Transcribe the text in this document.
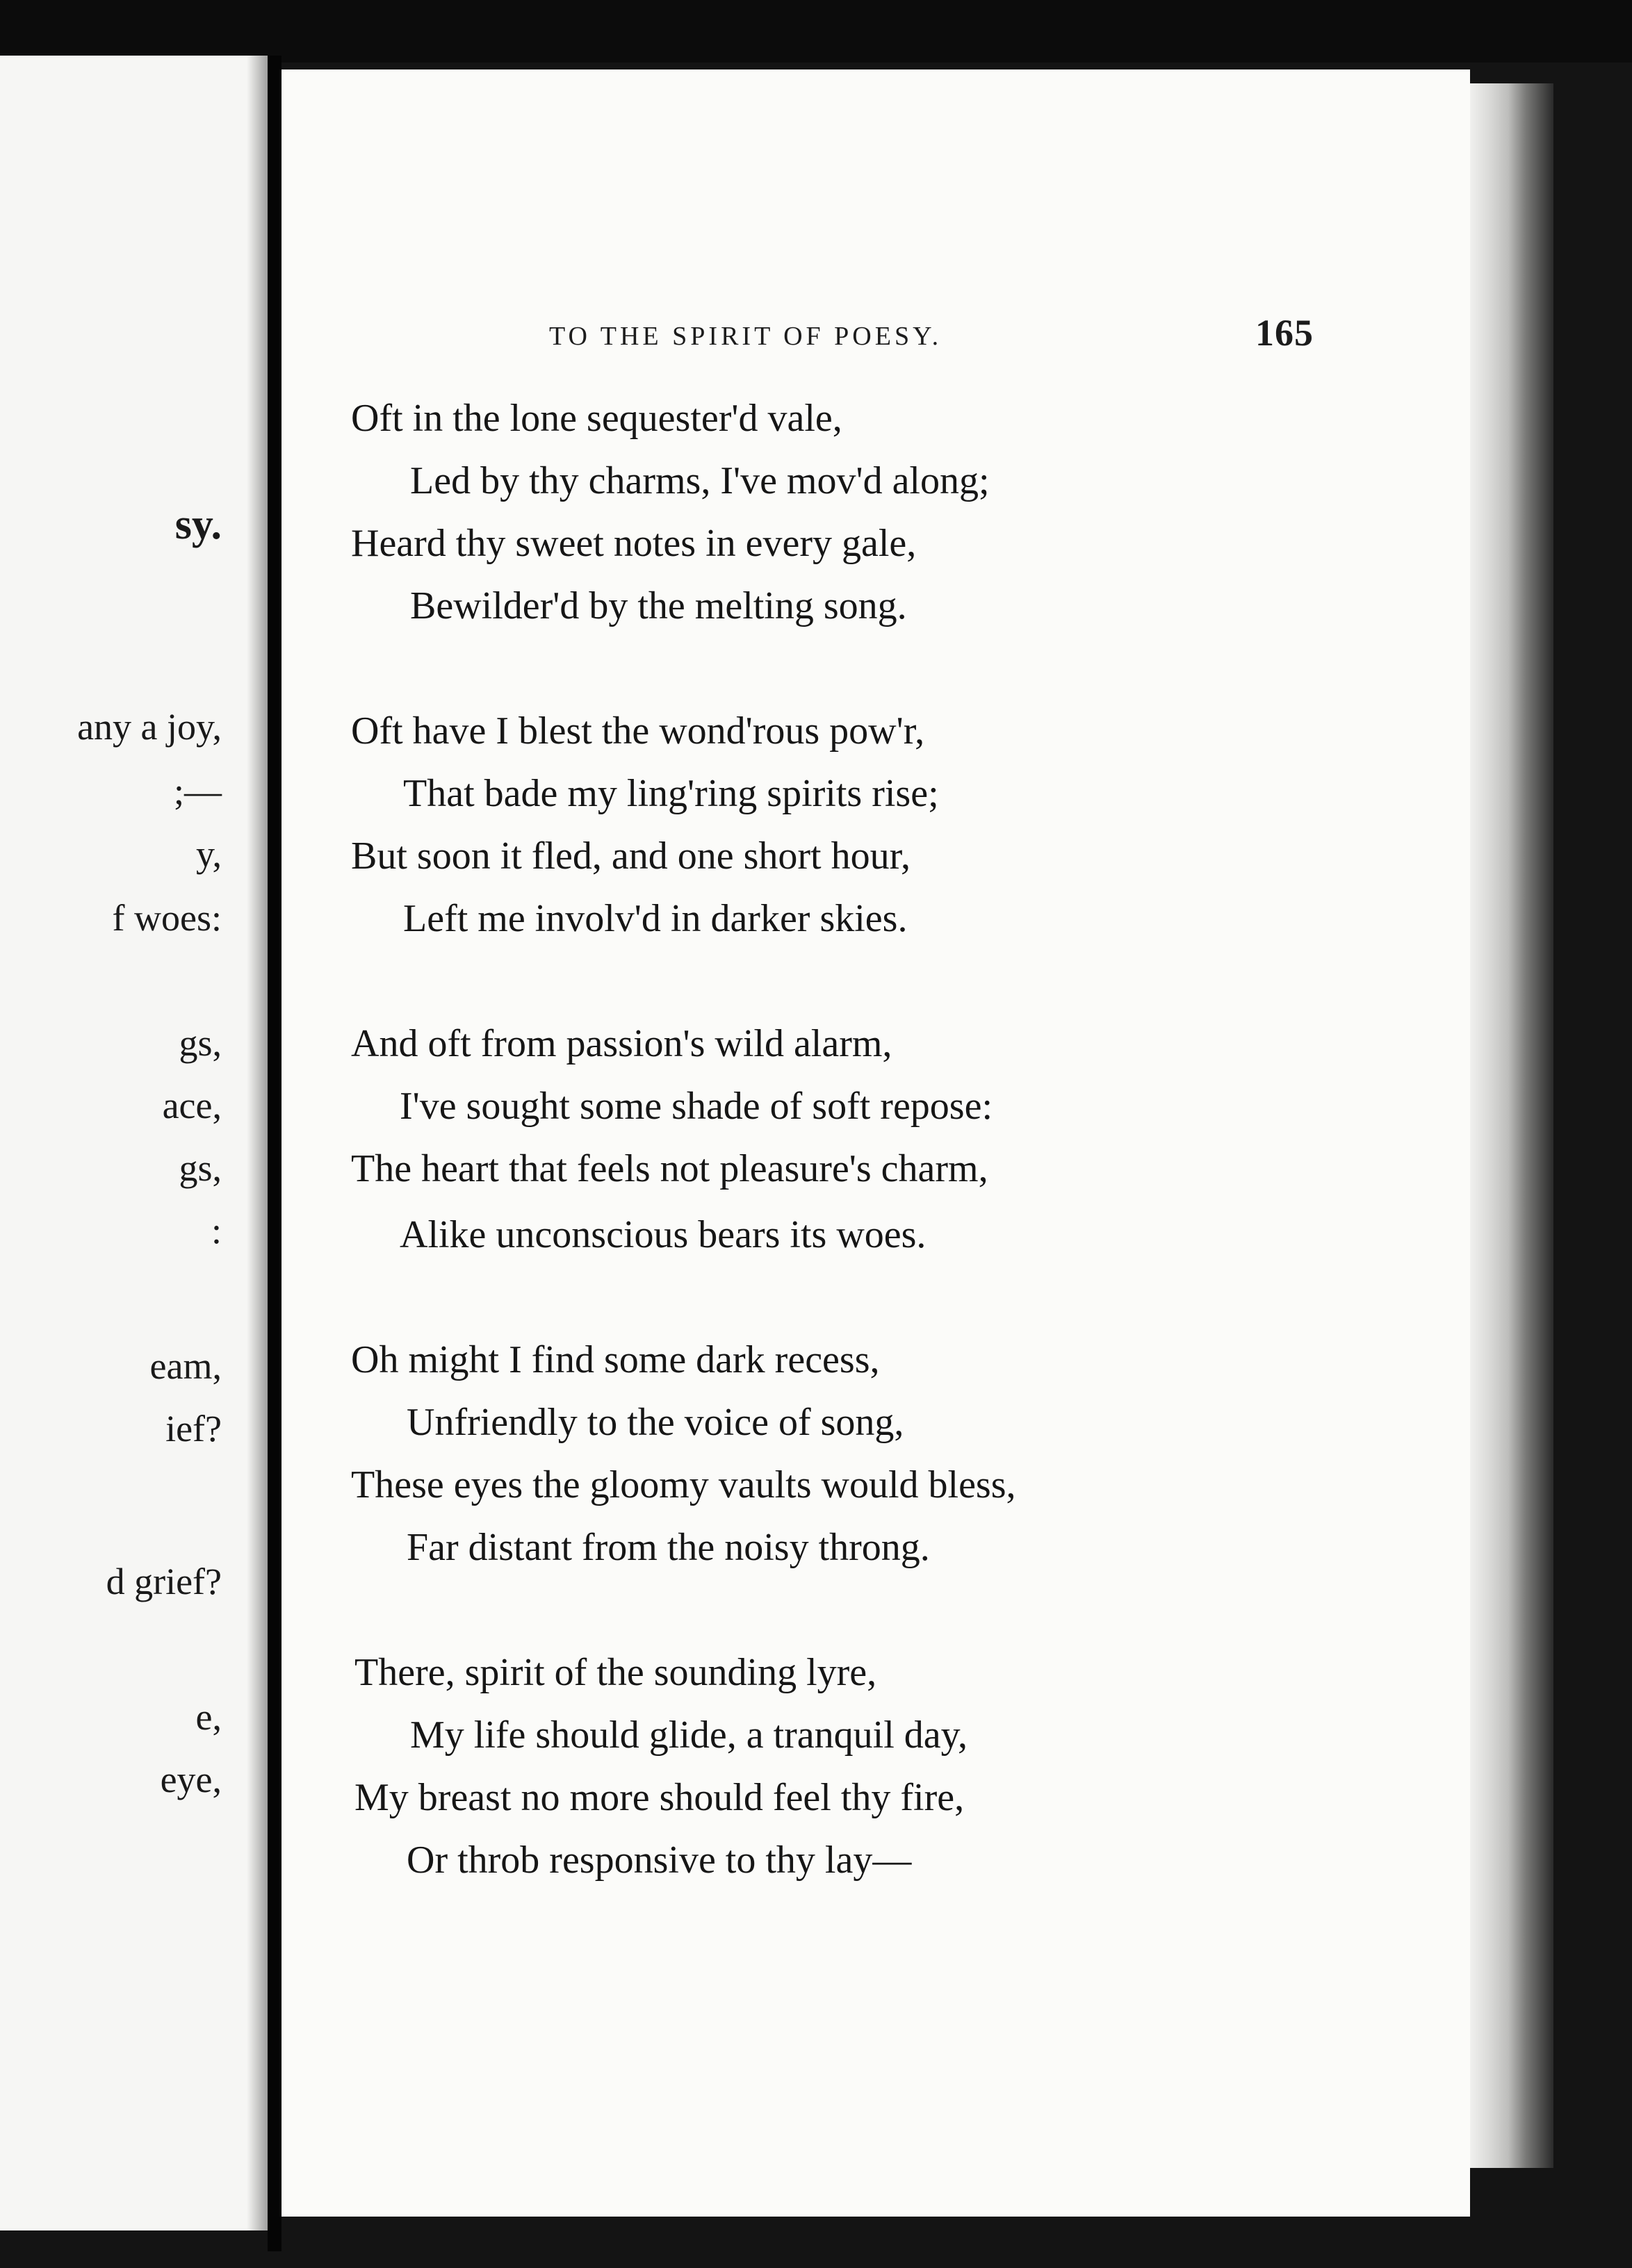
sy.
any a joy,
;—
y,
f woes:
gs,
ace,
gs,
:
eam,
ief?
d grief?
e,
eye,
TO THE SPIRIT OF POESY.	165
Oft in the lone sequester'd vale,
Led by thy charms, I've mov'd along;
Heard thy sweet notes in every gale,
Bewilder'd by the melting song.
Oft have I blest the wond'rous pow'r,
That bade my ling'ring spirits rise;
But soon it fled, and one short hour,
Left me involv'd in darker skies.
And oft from passion's wild alarm,
I've sought some shade of soft repose:
The heart that feels not pleasure's charm,
Alike unconscious bears its woes.
Oh might I find some dark recess,
Unfriendly to the voice of song,
These eyes the gloomy vaults would bless,
Far distant from the noisy throng.
There, spirit of the sounding lyre,
My life should glide, a tranquil day,
My breast no more should feel thy fire,
Or throb responsive to thy lay—
